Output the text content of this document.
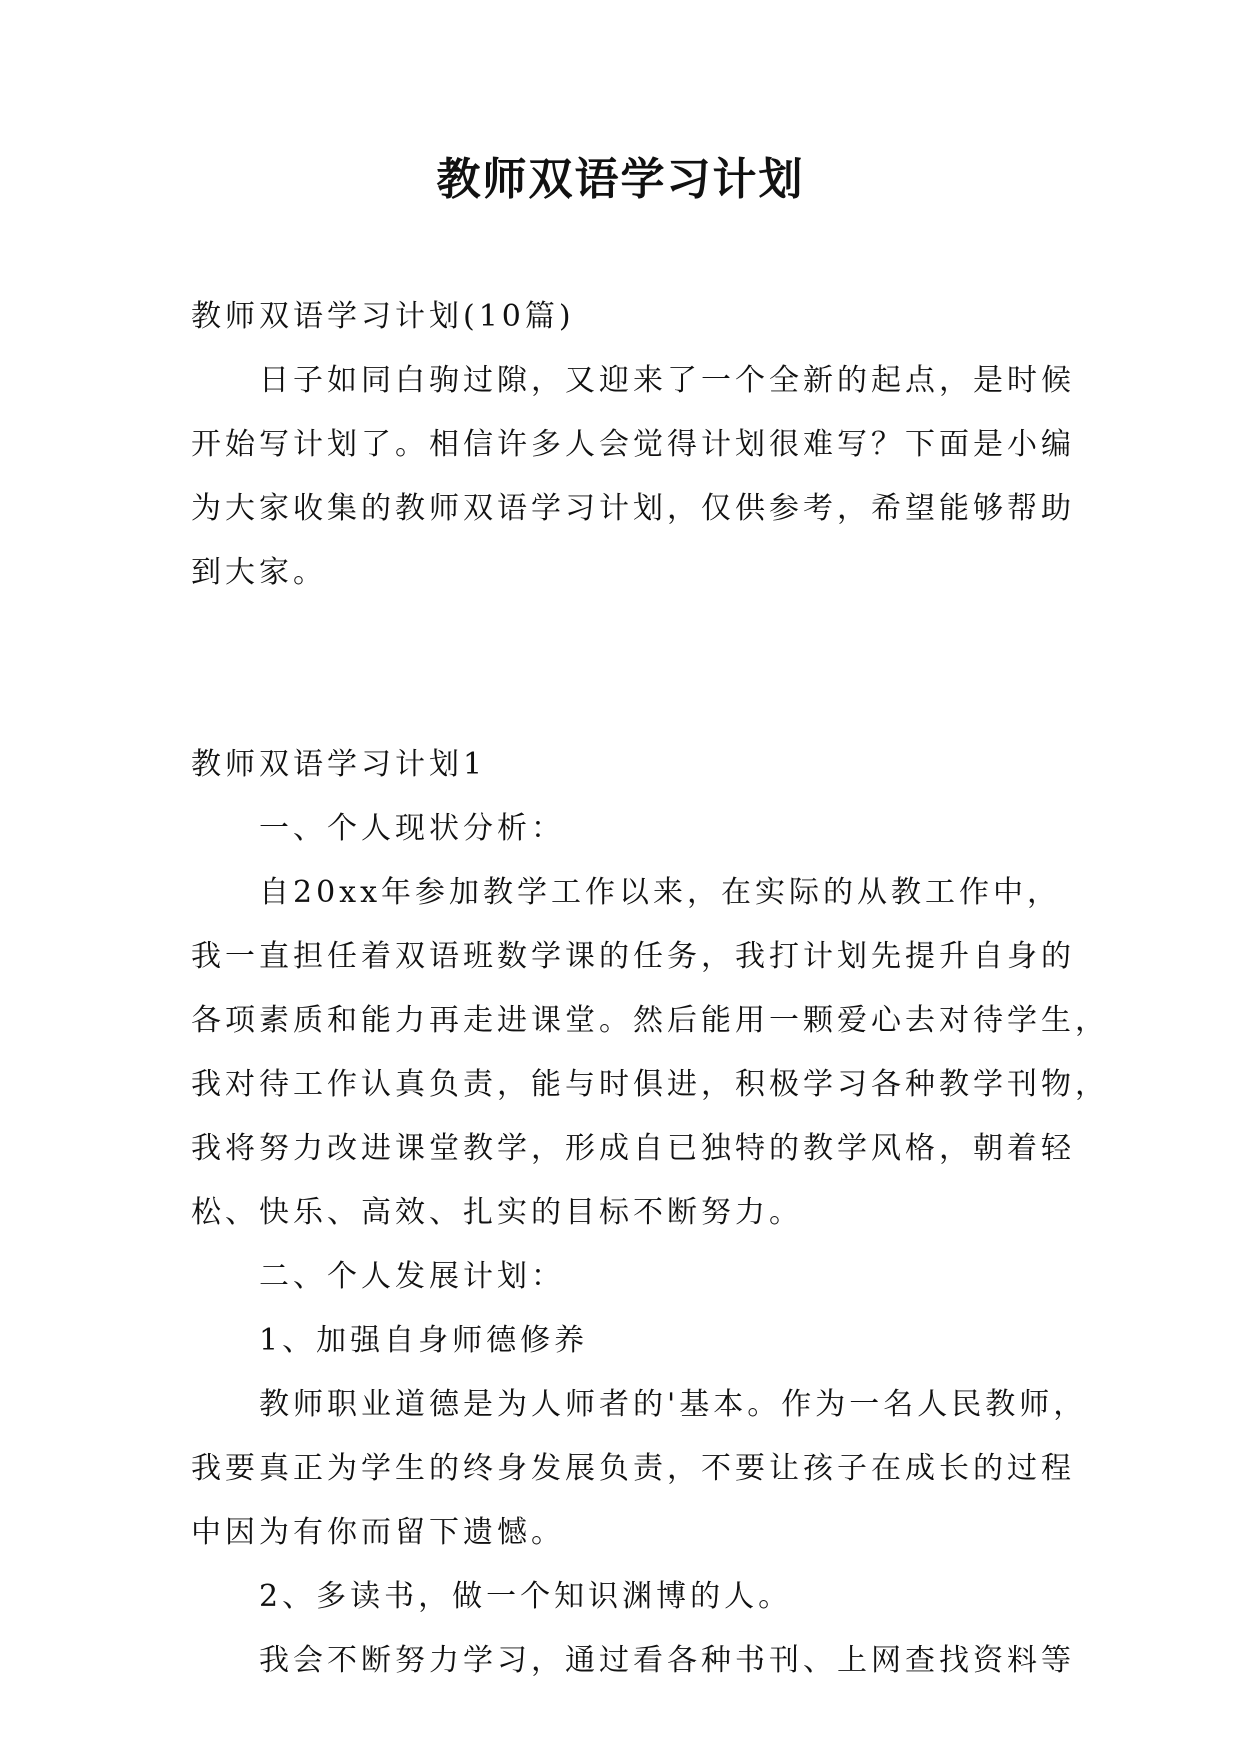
教师双语学习计划
教师双语学习计划(10篇)
日子如同白驹过隙，又迎来了一个全新的起点，是时候
开始写计划了。相信许多人会觉得计划很难写？下面是小编
为大家收集的教师双语学习计划，仅供参考，希望能够帮助
到大家。
教师双语学习计划1
一、个人现状分析：
自20xx年参加教学工作以来，在实际的从教工作中，
我一直担任着双语班数学课的任务，我打计划先提升自身的
各项素质和能力再走进课堂。然后能用一颗爱心去对待学生，
我对待工作认真负责，能与时俱进，积极学习各种教学刊物，
我将努力改进课堂教学，形成自已独特的教学风格，朝着轻
松、快乐、高效、扎实的目标不断努力。
二、个人发展计划：
1、加强自身师德修养
教师职业道德是为人师者的'基本。作为一名人民教师，
我要真正为学生的终身发展负责，不要让孩子在成长的过程
中因为有你而留下遗憾。
2、多读书，做一个知识渊博的人。
我会不断努力学习，通过看各种书刊、上网查找资料等
